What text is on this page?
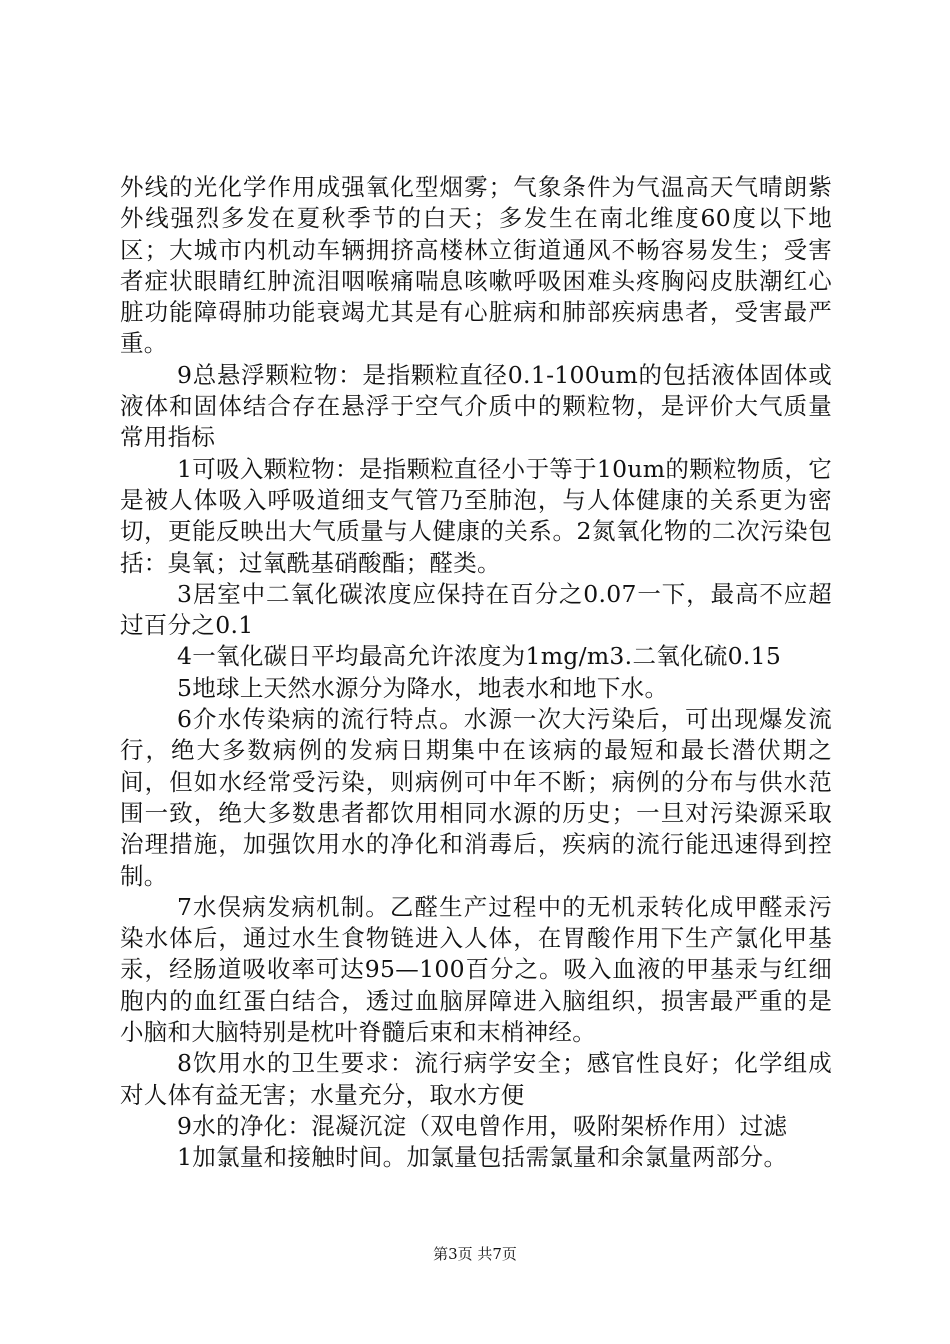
外线的光化学作用成强氧化型烟雾；气象条件为气温高天气晴朗紫外线强烈多发在夏秋季节的白天；多发生在南北维度60度以下地区；大城市内机动车辆拥挤高楼林立街道通风不畅容易发生；受害者症状眼睛红肿流泪咽喉痛喘息咳嗽呼吸困难头疼胸闷皮肤潮红心脏功能障碍肺功能衰竭尤其是有心脏病和肺部疾病患者，受害最严重。

9总悬浮颗粒物：是指颗粒直径0.1-100um的包括液体固体或液体和固体结合存在悬浮于空气介质中的颗粒物，是评价大气质量常用指标

1可吸入颗粒物：是指颗粒直径小于等于10um的颗粒物质，它是被人体吸入呼吸道细支气管乃至肺泡，与人体健康的关系更为密切，更能反映出大气质量与人健康的关系。2氮氧化物的二次污染包括：臭氧；过氧酰基硝酸酯；醛类。

3居室中二氧化碳浓度应保持在百分之0.07一下，最高不应超过百分之0.1

4一氧化碳日平均最高允许浓度为1mg/m3.二氧化硫0.15

5地球上天然水源分为降水，地表水和地下水。

6介水传染病的流行特点。水源一次大污染后，可出现爆发流行，绝大多数病例的发病日期集中在该病的最短和最长潜伏期之间，但如水经常受污染，则病例可中年不断；病例的分布与供水范围一致，绝大多数患者都饮用相同水源的历史；一旦对污染源采取治理措施，加强饮用水的净化和消毒后，疾病的流行能迅速得到控制。

7水俣病发病机制。乙醛生产过程中的无机汞转化成甲醛汞污染水体后，通过水生食物链进入人体，在胃酸作用下生产氯化甲基汞，经肠道吸收率可达95—100百分之。吸入血液的甲基汞与红细胞内的血红蛋白结合，透过血脑屏障进入脑组织，损害最严重的是小脑和大脑特别是枕叶脊髓后束和末梢神经。

8饮用水的卫生要求：流行病学安全；感官性良好；化学组成对人体有益无害；水量充分，取水方便

9水的净化：混凝沉淀（双电曾作用，吸附架桥作用）过滤

1加氯量和接触时间。加氯量包括需氯量和余氯量两部分。

第3页 共7页
